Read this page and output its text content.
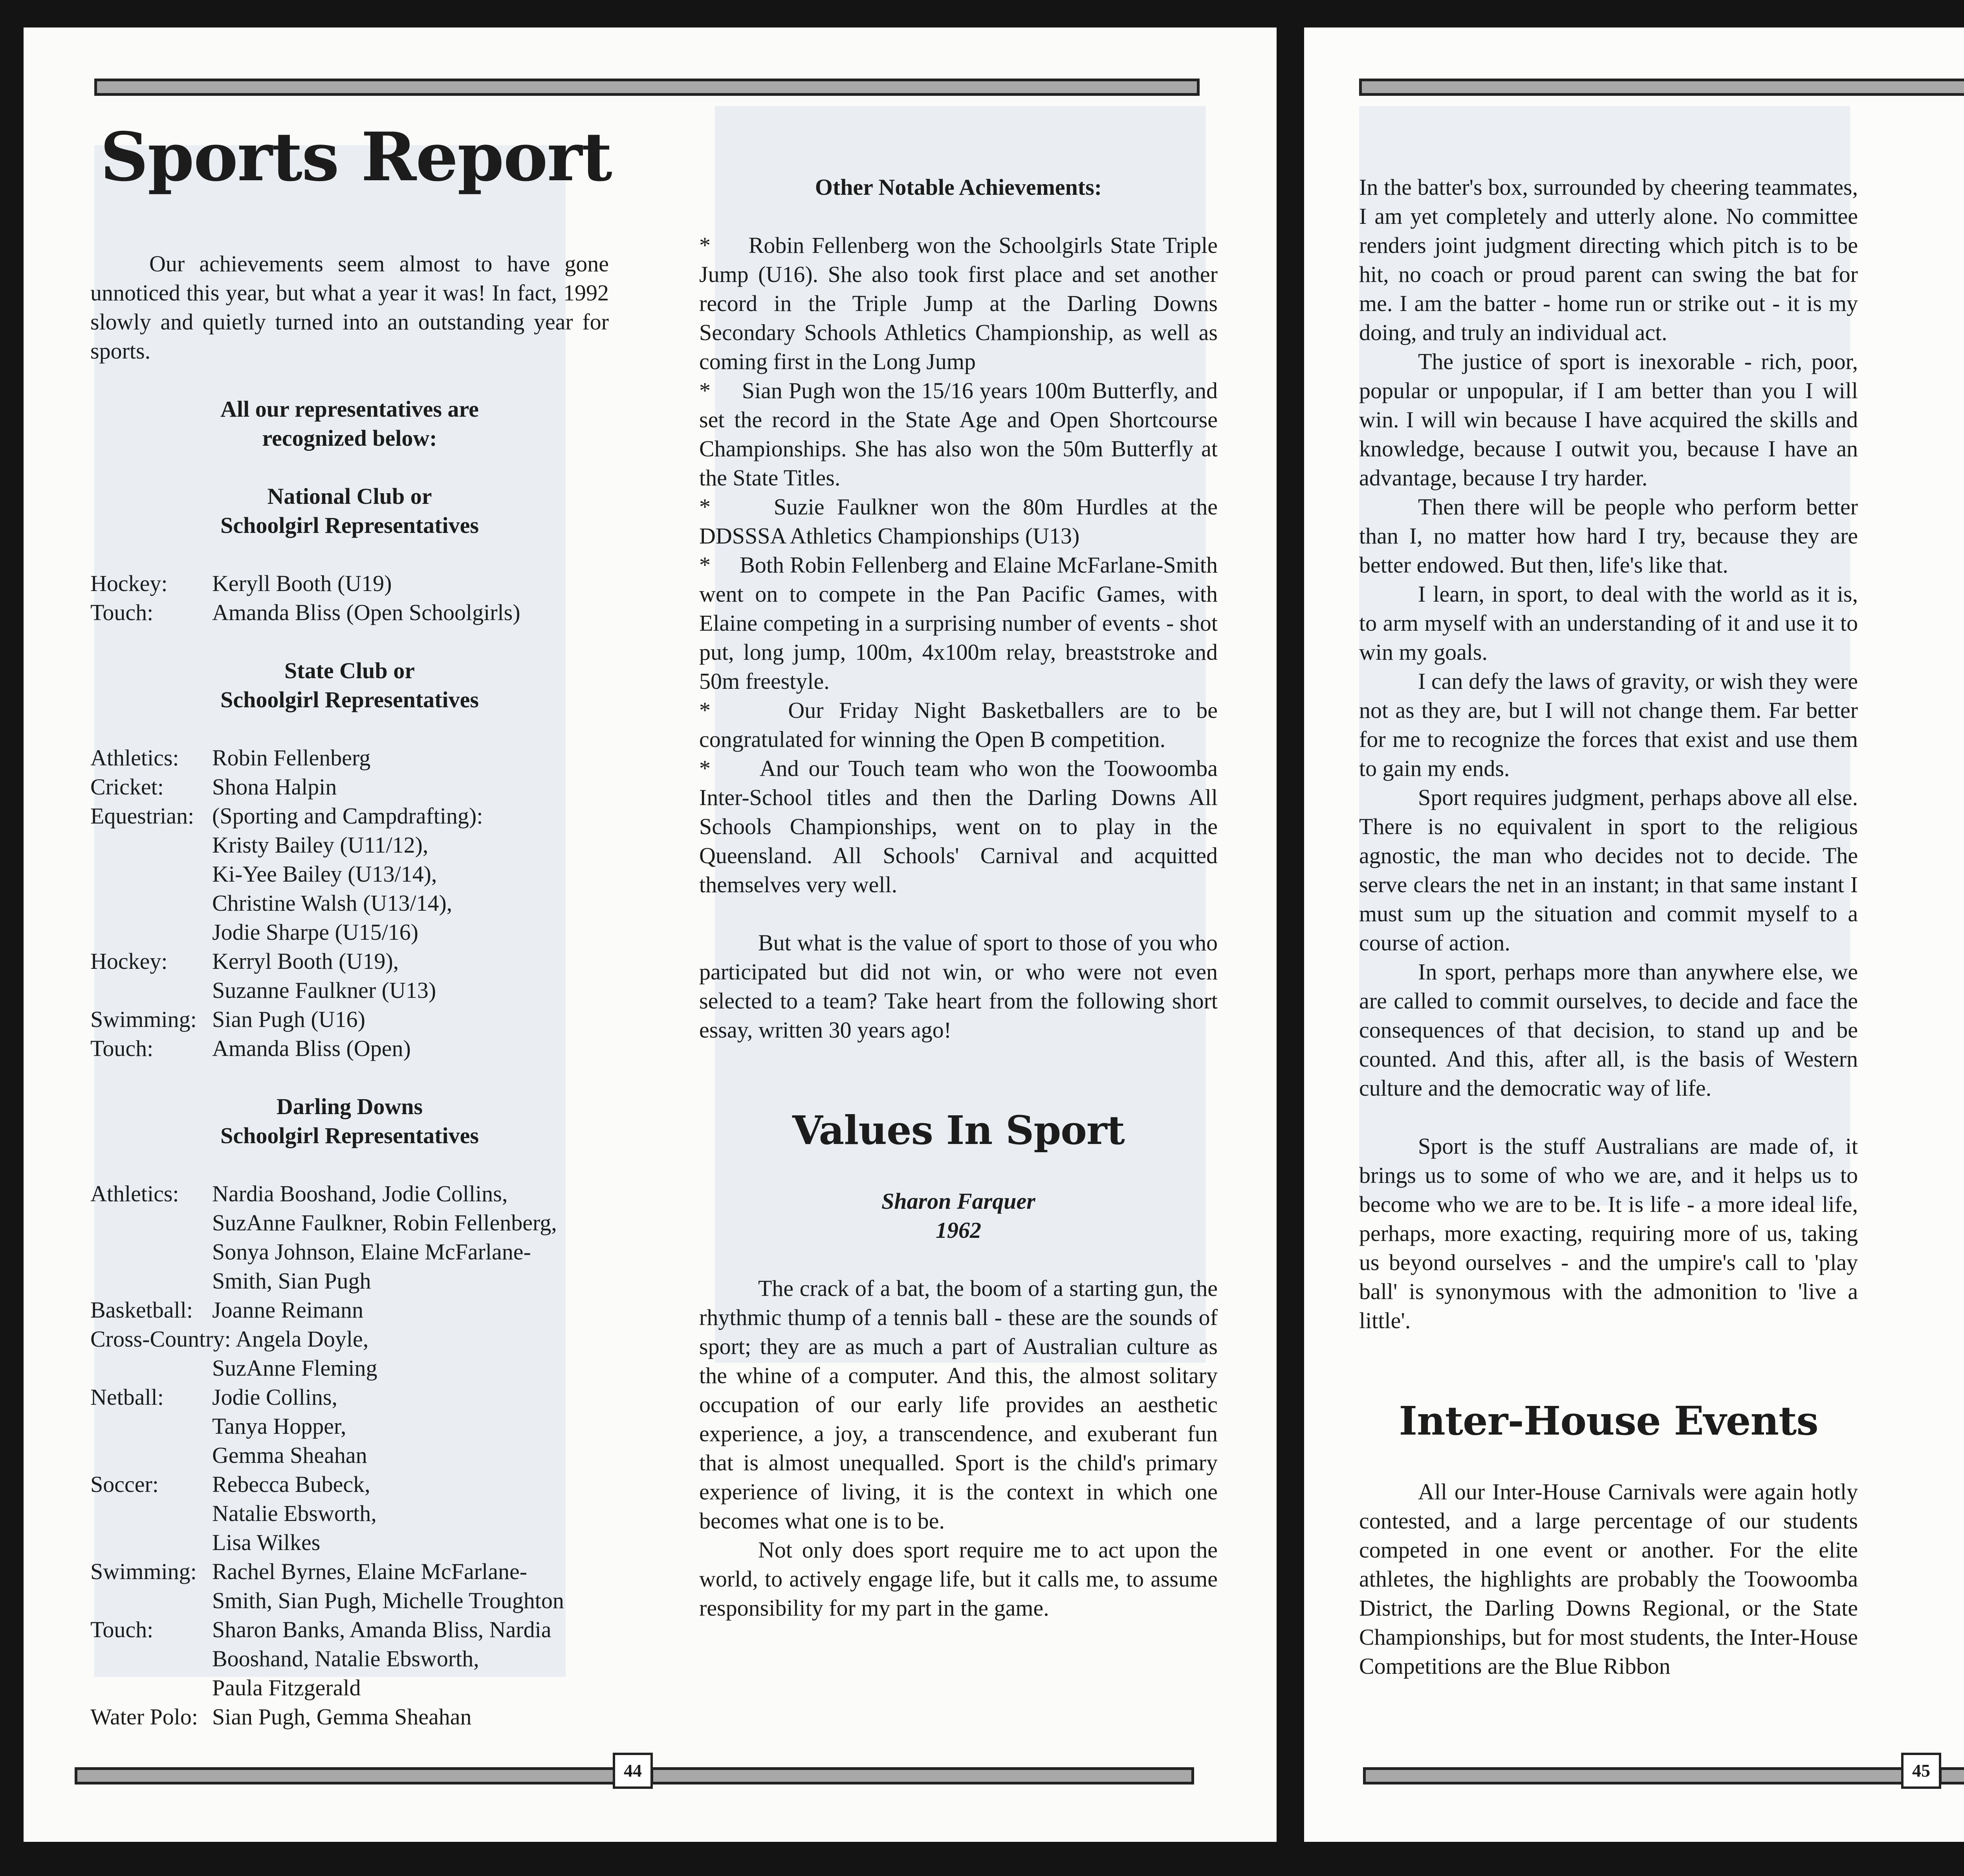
Sports Report

Our achievements seem almost to have gone unnoticed this year, but what a year it was! In fact, 1992 slowly and quietly turned into an outstanding year for sports.

All our representatives are
recognized below:
National Club or
Schoolgirl Representatives
Hockey:	Keryll Booth (U19)
Touch:	Amanda Bliss (Open Schoolgirls)
State Club or
Schoolgirl Representatives
Athletics:	Robin Fellenberg
Cricket:	Shona Halpin
Equestrian: (Sporting and Campdrafting):
Kristy Bailey (U11/12),
Ki-Yee Bailey (U13/14),
Christine Walsh (U13/14),
Jodie Sharpe (U15/16)
Hockey:	Kerryl Booth (U19),
Suzanne Faulkner (U13)
Swimming: Sian Pugh (U16)
Touch:	Amanda Bliss (Open)
Darling Downs
Schoolgirl Representatives
Athletics:	Nardia Booshand, Jodie Collins,
SuzAnne Faulkner, Robin Fellenberg,
Sonya Johnson, Elaine McFarlane-
Smith, Sian Pugh
Basketball: Joanne Reimann
Cross-Country: Angela Doyle,
SuzAnne Fleming
Netball:	Jodie Collins,
Tanya Hopper,
Gemma Sheahan
Soccer:	Rebecca Bubeck,
Natalie Ebsworth,
Lisa Wilkes
Swimming: Rachel Byrnes, Elaine McFarlane-
Smith, Sian Pugh, Michelle Troughton
Touch:	Sharon Banks, Amanda Bliss, Nardia
Booshand, Natalie Ebsworth,
Paula Fitzgerald
Water Polo: Sian Pugh, Gemma Sheahan
Other Notable Achievements:

*     Robin Fellenberg won the Schoolgirls State Triple Jump (U16). She also took first place and set another record in the Triple Jump at the Darling Downs Secondary Schools Athletics Championship, as well as coming first in the Long Jump

*     Sian Pugh won the 15/16 years 100m Butterfly, and set the record in the State Age and Open Shortcourse Championships. She has also won the 50m Butterfly at the State Titles.

*     Suzie Faulkner won the 80m Hurdles at the DDSSSA Athletics Championships (U13)

*     Both Robin Fellenberg and Elaine McFarlane-Smith went on to compete in the Pan Pacific Games, with Elaine competing in a surprising number of events - shot put, long jump, 100m, 4x100m relay, breaststroke and 50m freestyle.

*     Our Friday Night Basketballers are to be congratulated for winning the Open B competition.

*     And our Touch team who won the Toowoomba Inter-School titles and then the Darling Downs All Schools Championships, went on to play in the Queensland. All Schools' Carnival and acquitted themselves very well.

But what is the value of sport to those of you who participated but did not win, or who were not even selected to a team? Take heart from the following short essay, written 30 years ago!

Values In Sport
Sharon Farquer
1962

The crack of a bat, the boom of a starting gun, the rhythmic thump of a tennis ball - these are the sounds of sport; they are as much a part of Australian culture as the whine of a computer. And this, the almost solitary occupation of our early life provides an aesthetic experience, a joy, a transcendence, and exuberant fun that is almost unequalled. Sport is the child's primary experience of living, it is the context in which one becomes what one is to be.

Not only does sport require me to act upon the world, to actively engage life, but it calls me, to assume responsibility for my part in the game.

44

In the batter's box, surrounded by cheering teammates, I am yet completely and utterly alone. No committee renders joint judgment directing which pitch is to be hit, no coach or proud parent can swing the bat for me. I am the batter - home run or strike out - it is my doing, and truly an individual act.

The justice of sport is inexorable - rich, poor, popular or unpopular, if I am better than you I will win. I will win because I have acquired the skills and knowledge, because I outwit you, because I have an advantage, because I try harder.

Then there will be people who perform better than I, no matter how hard I try, because they are better endowed. But then, life's like that.

I learn, in sport, to deal with the world as it is, to arm myself with an understanding of it and use it to win my goals.

I can defy the laws of gravity, or wish they were not as they are, but I will not change them. Far better for me to recognize the forces that exist and use them to gain my ends.

Sport requires judgment, perhaps above all else. There is no equivalent in sport to the religious agnostic, the man who decides not to decide. The serve clears the net in an instant; in that same instant I must sum up the situation and commit myself to a course of action.

In sport, perhaps more than anywhere else, we are called to commit ourselves, to decide and face the consequences of that decision, to stand up and be counted. And this, after all, is the basis of Western culture and the democratic way of life.

Sport is the stuff Australians are made of, it brings us to some of who we are, and it helps us to become who we are to be. It is life - a more ideal life, perhaps, more exacting, requiring more of us, taking us beyond ourselves - and the umpire's call to 'play ball' is synonymous with the admonition to 'live a little'.

Inter-House Events

All our Inter-House Carnivals were again hotly contested, and a large percentage of our students competed in one event or another. For the elite athletes, the highlights are probably the Toowoomba District, the Darling Downs Regional, or the State Championships, but for most students, the Inter-House Competitions are the Blue Ribbon

45
